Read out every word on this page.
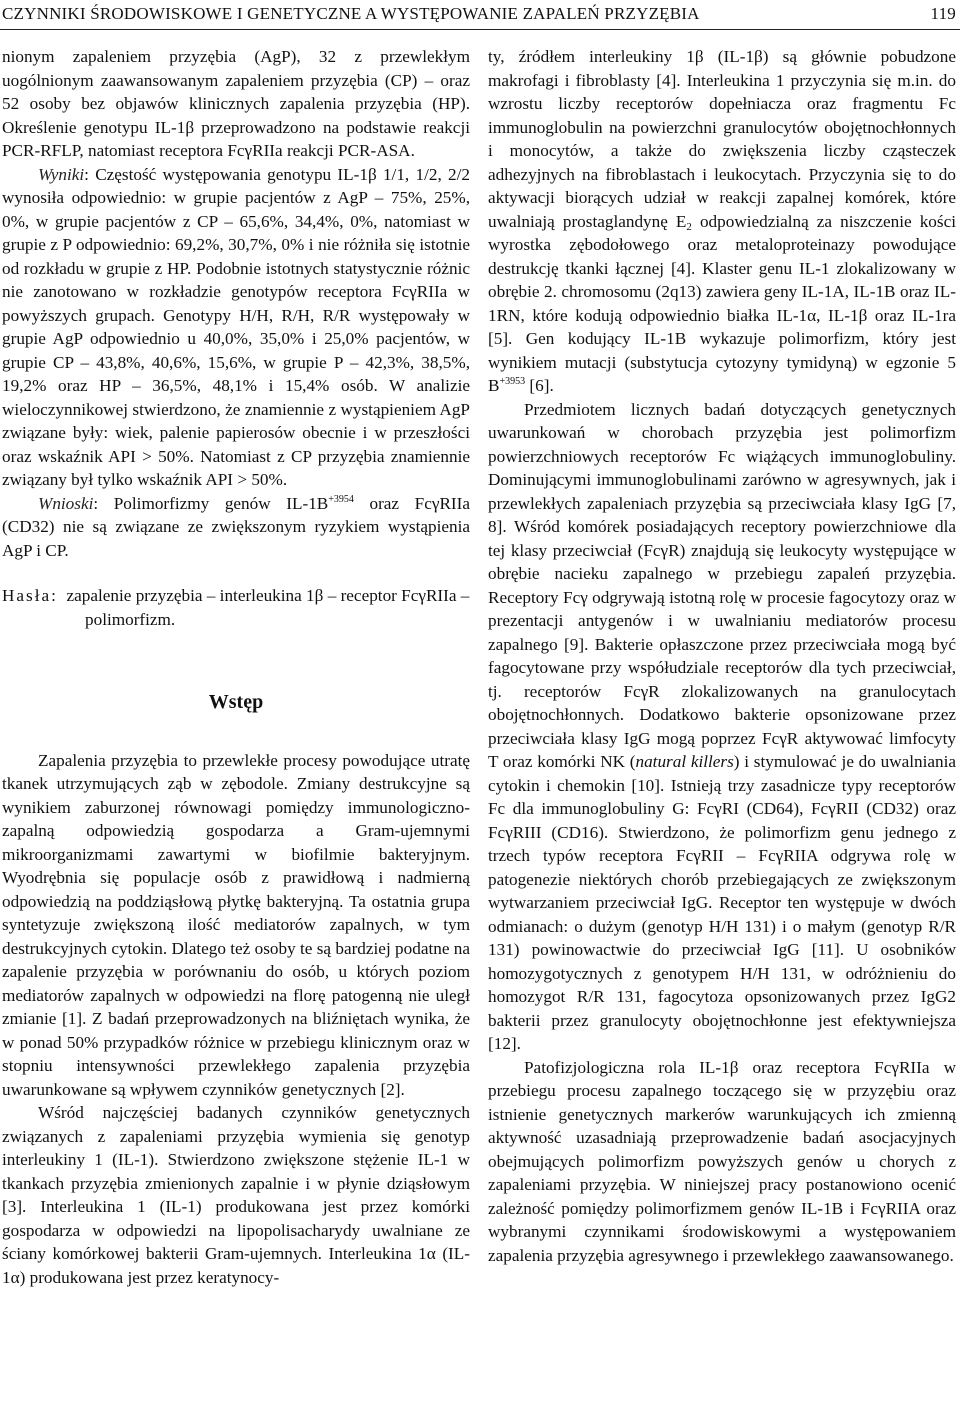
CZYNNIKI ŚRODOWISKOWE I GENETYCZNE A WYSTĘPOWANIE ZAPALEŃ PRZYZĘBIA	119

nionym zapaleniem przyzębia (AgP), 32 z przewlekłym uogólnionym zaawansowanym zapaleniem przyzębia (CP) – oraz 52 osoby bez objawów klinicznych zapalenia przyzębia (HP). Określenie genotypu IL-1β przeprowadzono na podstawie reakcji PCR-RFLP, natomiast receptora FcγRIIa reakcji PCR-ASA.

Wyniki: Częstość występowania genotypu IL-1β 1/1, 1/2, 2/2 wynosiła odpowiednio: w grupie pacjentów z AgP – 75%, 25%, 0%, w grupie pacjentów z CP – 65,6%, 34,4%, 0%, natomiast w grupie z P odpowiednio: 69,2%, 30,7%, 0% i nie różniła się istotnie od rozkładu w grupie z HP. Podobnie istotnych statystycznie różnic nie zanotowano w rozkładzie genotypów receptora FcγRIIa w powyższych grupach. Genotypy H/H, R/H, R/R występowały w grupie AgP odpowiednio u 40,0%, 35,0% i 25,0% pacjentów, w grupie CP – 43,8%, 40,6%, 15,6%, w grupie P – 42,3%, 38,5%, 19,2% oraz HP – 36,5%, 48,1% i 15,4% osób. W analizie wieloczynnikowej stwierdzono, że znamiennie z wystąpieniem AgP związane były: wiek, palenie papierosów obecnie i w przeszłości oraz wskaźnik API > 50%. Natomiast z CP przyzębia znamiennie związany był tylko wskaźnik API > 50%.

Wnioski: Polimorfizmy genów $IL-1B^{+3954}$ oraz FcγRIIa (CD32) nie są związane ze zwiększonym ryzykiem wystąpienia AgP i CP.

Hasła: zapalenie przyzębia – interleukina 1β – receptor FcγRIIa – polimorfizm.

Wstęp

Zapalenia przyzębia to przewlekłe procesy powodujące utratę tkanek utrzymujących ząb w zębodole. Zmiany destrukcyjne są wynikiem zaburzonej równowagi pomiędzy immunologiczno-zapalną odpowiedzią gospodarza a Gram-ujemnymi mikroorganizmami zawartymi w biofilmie bakteryjnym. Wyodrębnia się populacje osób z prawidłową i nadmierną odpowiedzią na poddziąsłową płytkę bakteryjną. Ta ostatnia grupa syntetyzuje zwiększoną ilość mediatorów zapalnych, w tym destrukcyjnych cytokin. Dlatego też osoby te są bardziej podatne na zapalenie przyzębia w porównaniu do osób, u których poziom mediatorów zapalnych w odpowiedzi na florę patogenną nie uległ zmianie [1]. Z badań przeprowadzonych na bliźniętach wynika, że w ponad 50% przypadków różnice w przebiegu klinicznym oraz w stopniu intensywności przewlekłego zapalenia przyzębia uwarunkowane są wpływem czynników genetycznych [2].

Wśród najczęściej badanych czynników genetycznych związanych z zapaleniami przyzębia wymienia się genotyp interleukiny 1 (IL-1). Stwierdzono zwiększone stężenie IL-1 w tkankach przyzębia zmienionych zapalnie i w płynie dziąsłowym [3]. Interleukina 1 (IL-1) produkowana jest przez komórki gospodarza w odpowiedzi na lipopolisacharydy uwalniane ze ściany komórkowej bakterii Gram-ujemnych. Interleukina 1α (IL-1α) produkowana jest przez keratynocy-

ty, źródłem interleukiny 1β (IL-1β) są głównie pobudzone makrofagi i fibroblasty [4]. Interleukina 1 przyczynia się m.in. do wzrostu liczby receptorów dopełniacza oraz fragmentu Fc immunoglobulin na powierzchni granulocytów obojętnochłonnych i monocytów, a także do zwiększenia liczby cząsteczek adhezyjnych na fibroblastach i leukocytach. Przyczynia się to do aktywacji biorących udział w reakcji zapalnej komórek, które uwalniają prostaglandynę $E_2$ odpowiedzialną za niszczenie kości wyrostka zębodołowego oraz metaloproteinazy powodujące destrukcję tkanki łącznej [4]. Klaster genu IL-1 zlokalizowany w obrębie 2. chromosomu (2q13) zawiera geny IL-1A, IL-1B oraz IL-1RN, które kodują odpowiednio białka IL-1α, IL-1β oraz IL-1ra [5]. Gen kodujący IL-1B wykazuje polimorfizm, który jest wynikiem mutacji (substytucja cytozyny tymidyną) w egzonie 5 $B^{+3953}$ [6].

Przedmiotem licznych badań dotyczących genetycznych uwarunkowań w chorobach przyzębia jest polimorfizm powierzchniowych receptorów Fc wiążących immunoglobuliny. Dominującymi immunoglobulinami zarówno w agresywnych, jak i przewlekłych zapaleniach przyzębia są przeciwciała klasy IgG [7, 8]. Wśród komórek posiadających receptory powierzchniowe dla tej klasy przeciwciał (FcγR) znajdują się leukocyty występujące w obrębie nacieku zapalnego w przebiegu zapaleń przyzębia. Receptory Fcγ odgrywają istotną rolę w procesie fagocytozy oraz w prezentacji antygenów i w uwalnianiu mediatorów procesu zapalnego [9]. Bakterie opłaszczone przez przeciwciała mogą być fagocytowane przy współudziale receptorów dla tych przeciwciał, tj. receptorów FcγR zlokalizowanych na granulocytach obojętnochłonnych. Dodatkowo bakterie opsonizowane przez przeciwciała klasy IgG mogą poprzez FcγR aktywować limfocyty T oraz komórki NK (natural killers) i stymulować je do uwalniania cytokin i chemokin [10]. Istnieją trzy zasadnicze typy receptorów Fc dla immunoglobuliny G: FcγRI (CD64), FcγRII (CD32) oraz FcγRIII (CD16). Stwierdzono, że polimorfizm genu jednego z trzech typów receptora FcγRII – FcγRIIA odgrywa rolę w patogenezie niektórych chorób przebiegających ze zwiększonym wytwarzaniem przeciwciał IgG. Receptor ten występuje w dwóch odmianach: o dużym (genotyp H/H 131) i o małym (genotyp R/R 131) powinowactwie do przeciwciał IgG [11]. U osobników homozygotycznych z genotypem H/H 131, w odróżnieniu do homozygot R/R 131, fagocytoza opsonizowanych przez IgG2 bakterii przez granulocyty obojętnochłonne jest efektywniejsza [12].

Patofizjologiczna rola IL-1β oraz receptora FcγRIIa w przebiegu procesu zapalnego toczącego się w przyzębiu oraz istnienie genetycznych markerów warunkujących ich zmienną aktywność uzasadniają przeprowadzenie badań asocjacyjnych obejmujących polimorfizm powyższych genów u chorych z zapaleniami przyzębia. W niniejszej pracy postanowiono ocenić zależność pomiędzy polimorfizmem genów IL-1B i FcγRIIA oraz wybranymi czynnikami środowiskowymi a występowaniem zapalenia przyzębia agresywnego i przewlekłego zaawansowanego.
